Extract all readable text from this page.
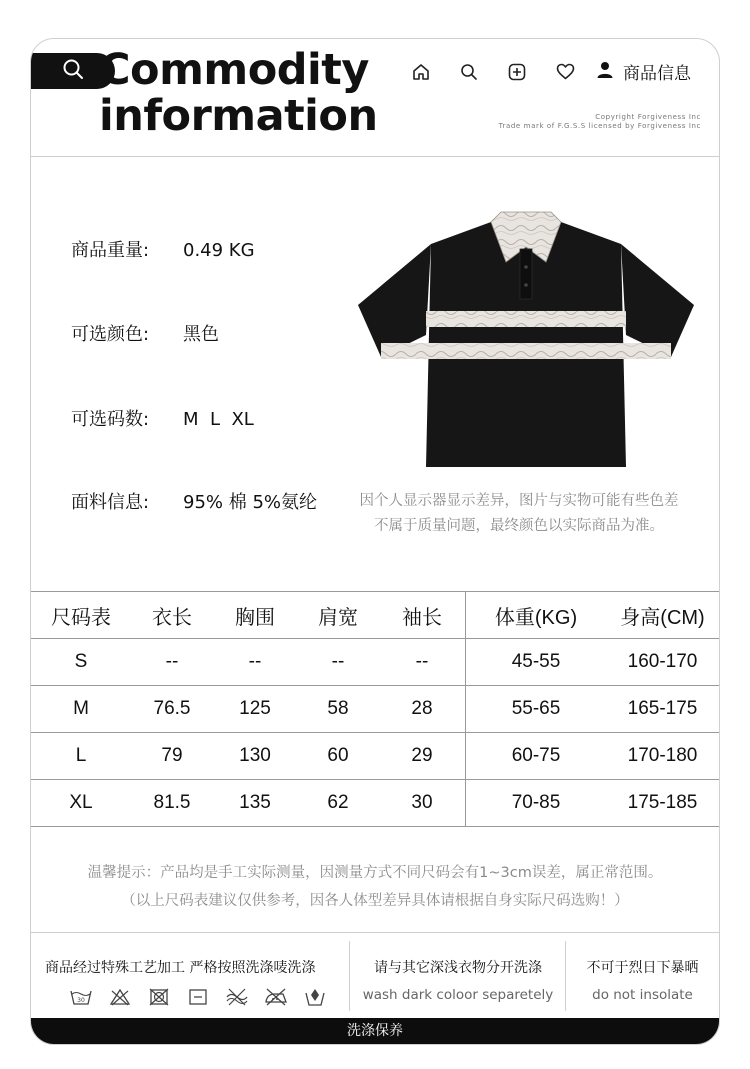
Commodity
information
商品信息
Copyright Forgiveness Inc
Trade mark of F.G.S.S licensed by Forgiveness Inc
商品重量: 0.49 KG
可选颜色: 黑色
可选码数: M  L  XL
面料信息: 95% 棉 5%氨纶	因个人显示器显示差异，图片与实物可能有些色差
不属于质量问题，最终颜色以实际商品为准。
尺码表	衣长	胸围	肩宽	袖长	体重(KG)	身高(CM)
S	--	--	--	--	45-55	160-170
M	76.5	125	58	28	55-65	165-175
L	79	130	60	29	60-75	170-180
XL	81.5	135	62	30	70-85	175-185
温馨提示：产品均是手工实际测量，因测量方式不同尺码会有1~3cm误差，属正常范围。
（以上尺码表建议仅供参考，因各人体型差异具体请根据自身实际尺码选购！）
商品经过特殊工艺加工 严格按照洗涤唛洗涤
30
请与其它深浅衣物分开洗涤
wash dark coloor separetely
不可于烈日下暴晒
do not insolate
洗涤保养
